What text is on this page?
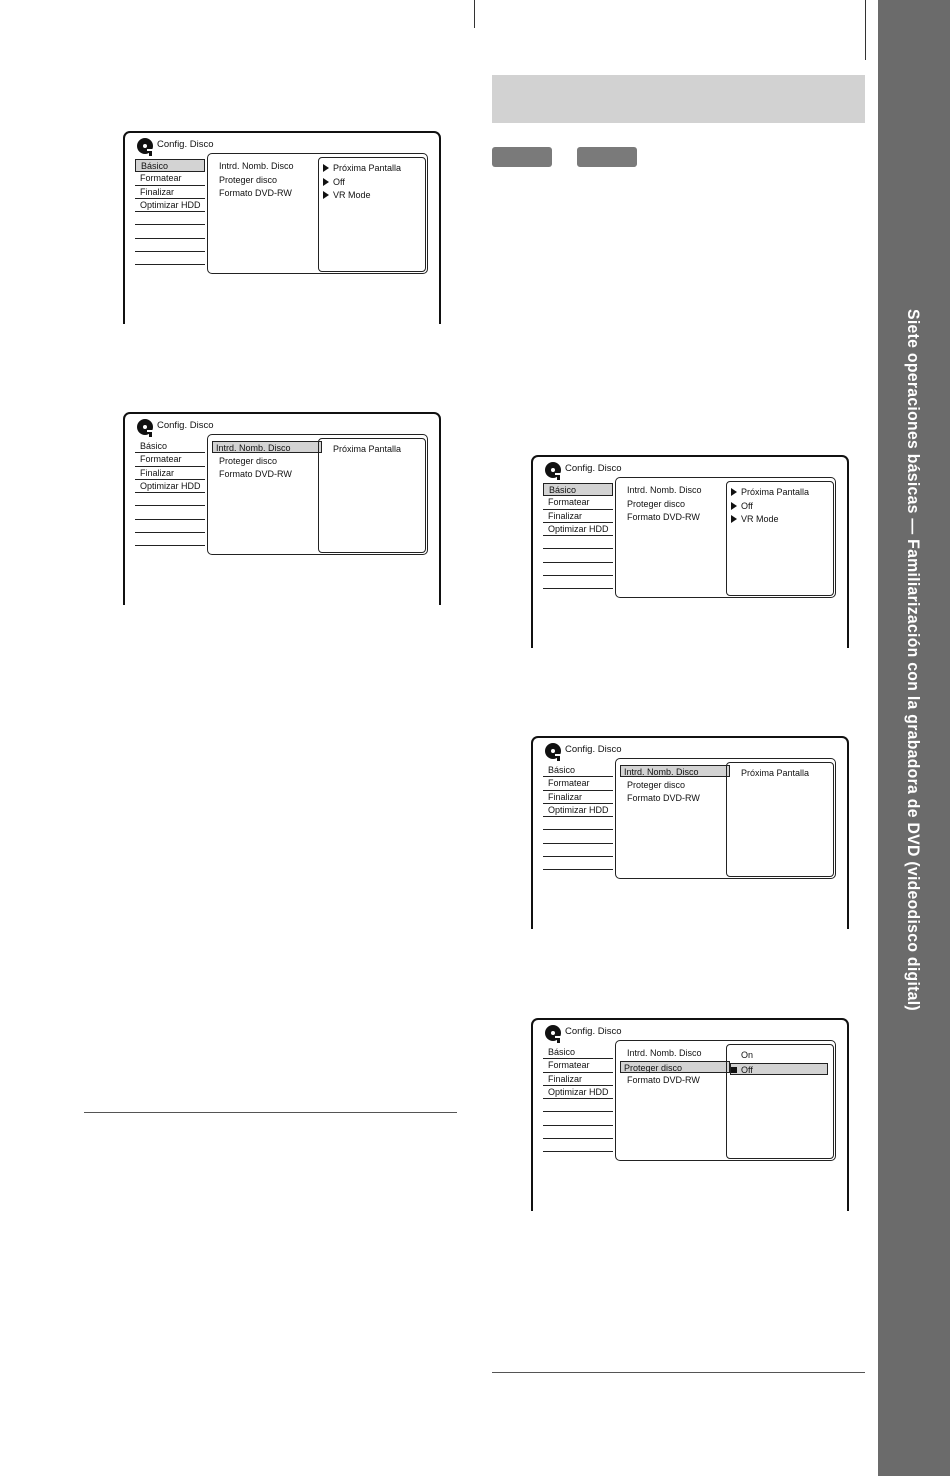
Siete operaciones básicas — Familiarización con la grabadora de DVD (videodisco digital)
Config. Disco
Básico
Formatear
Finalizar
Optimizar HDD
Intrd. Nomb. Disco
Proteger disco
Formato DVD-RW
Próxima Pantalla
Off
VR Mode
Config. Disco
Básico
Formatear
Finalizar
Optimizar HDD
Intrd. Nomb. Disco
Proteger disco
Formato DVD-RW
Próxima Pantalla
Config. Disco
Básico
Formatear
Finalizar
Optimizar HDD
Intrd. Nomb. Disco
Proteger disco
Formato DVD-RW
Próxima Pantalla
Off
VR Mode
Config. Disco
Básico
Formatear
Finalizar
Optimizar HDD
Intrd. Nomb. Disco
Proteger disco
Formato DVD-RW
Próxima Pantalla
Config. Disco
Básico
Formatear
Finalizar
Optimizar HDD
Intrd. Nomb. Disco
Proteger disco
Formato DVD-RW
On
Off
